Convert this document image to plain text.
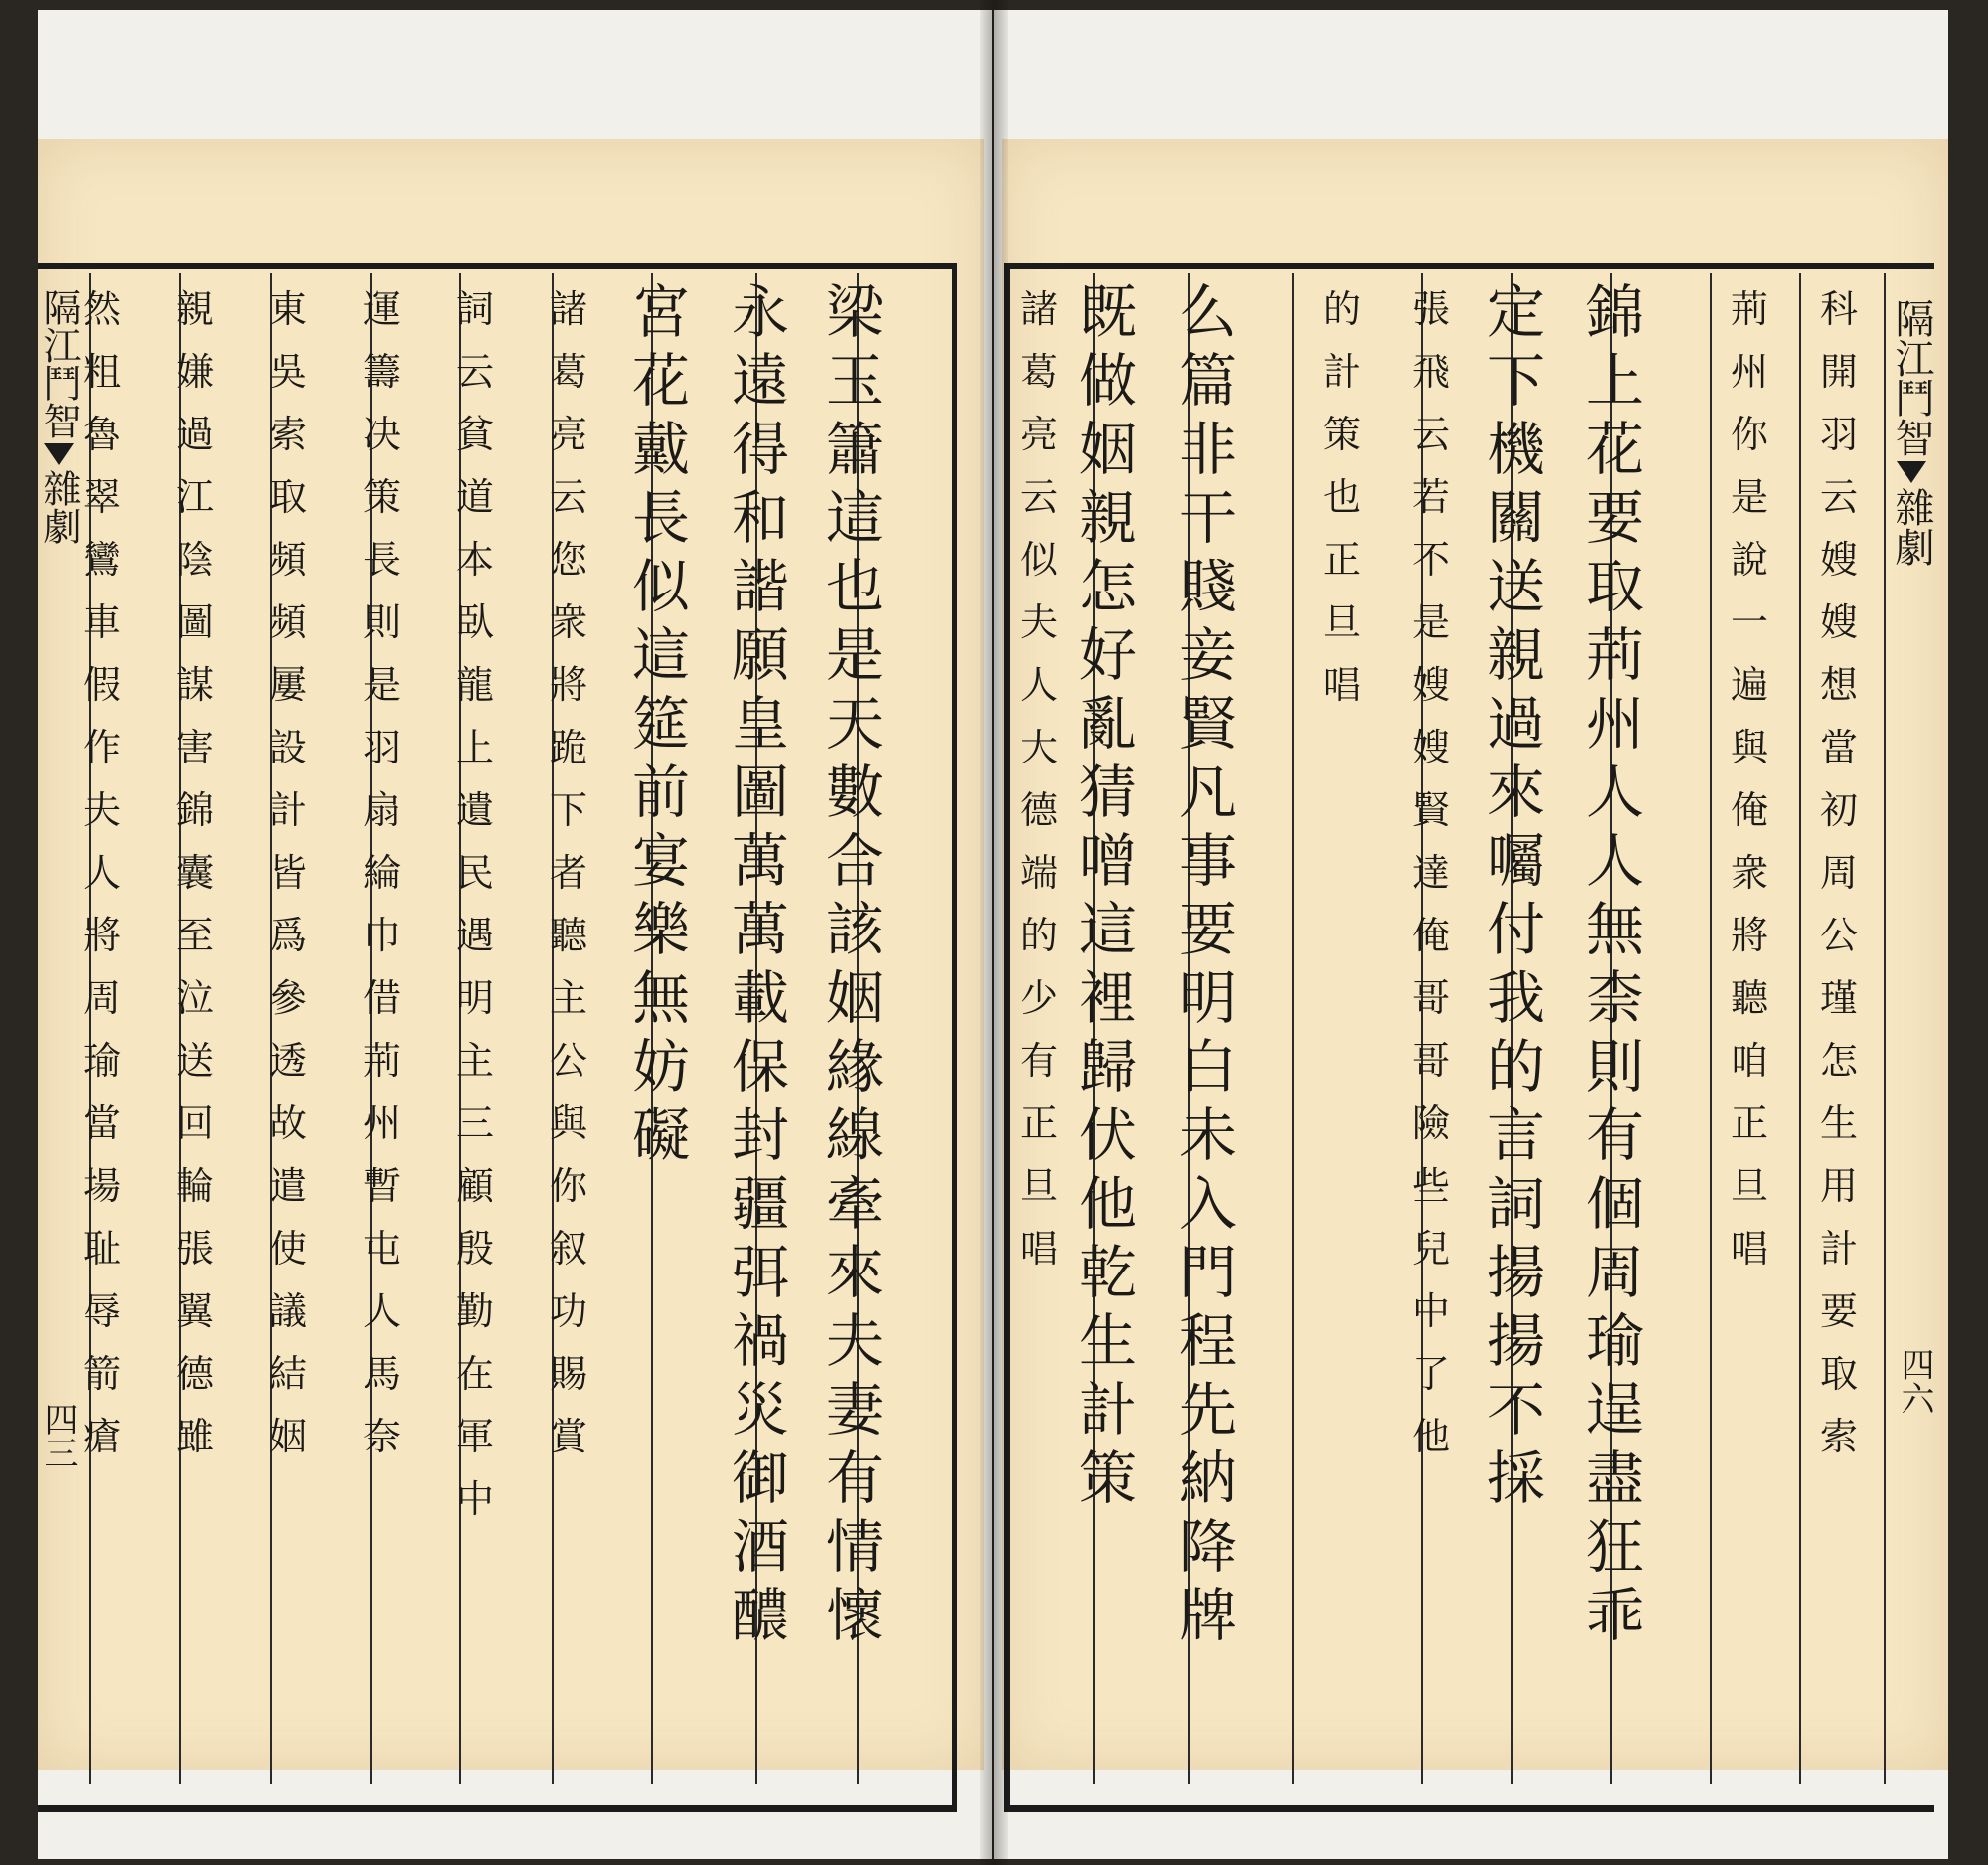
隔江鬥智
雜劇
四三
隔江鬥智
雜劇
四六
梁
玉
簫
這
也
是
天
數
合
該
姻
緣
線
牽
來
夫
妻
有
情
懷
永
遠
得
和
諧
願
皇
圖
萬
萬
載
保
封
疆
弭
禍
災
御
酒
醲
宮
花
戴
長
似
這
筵
前
宴
樂
無
妨
礙
諸
葛
亮
云
您
衆
將
跪
下
者
聽
主
公
與
你
叙
功
賜
賞
詞
云
貧
道
本
臥
龍
上
遺
民
遇
明
主
三
顧
殷
勤
在
軍
中
運
籌
决
策
長
則
是
羽
扇
綸
巾
借
荊
州
暫
屯
人
馬
奈
東
吳
索
取
頻
頻
屢
設
計
皆
爲
參
透
故
遣
使
議
結
姻
親
嫌
過
江
陰
圖
謀
害
錦
囊
至
泣
送
回
輪
張
翼
德
雖
然
粗
魯
翠
鸞
車
假
作
夫
人
將
周
瑜
當
場
耻
辱
箭
瘡
科
開
羽
云
嫂
嫂
想
當
初
周
公
瑾
怎
生
用
計
要
取
索
荊
州
你
是
說
一
遍
與
俺
衆
將
聽
咱
正
旦
唱
錦
上
花
要
取
荊
州
人
人
無
柰
則
有
個
周
瑜
逞
盡
狂
乖
定
下
機
關
送
親
過
來
囑
付
我
的
言
詞
揚
揚
不
採
張
飛
云
若
不
是
嫂
嫂
賢
達
俺
哥
哥
險
些
兒
中
了
他
的
計
策
也
正
旦
唱
么
篇
非
干
賤
妾
賢
凡
事
要
明
白
未
入
門
程
先
納
降
牌
既
做
姻
親
怎
好
亂
猜
噌
這
裡
歸
伏
他
乾
生
計
策
諸
葛
亮
云
似
夫
人
大
德
端
的
少
有
正
旦
唱
